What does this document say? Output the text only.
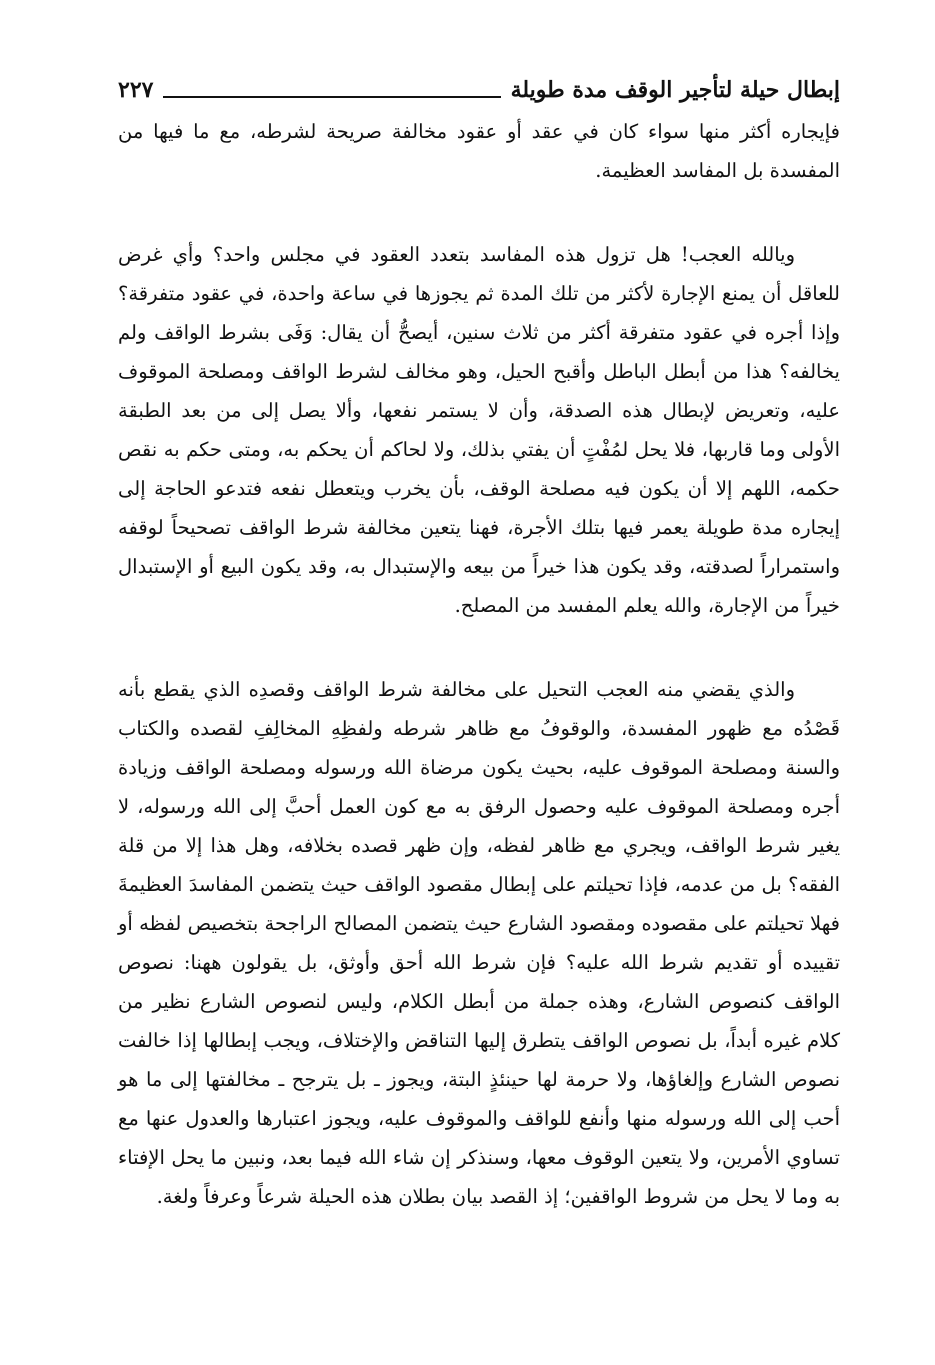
إبطال حيلة لتأجير الوقف مدة طويلة
٢٢٧

فإيجاره أكثر منها سواء كان في عقد أو عقود مخالفة صريحة لشرطه، مع ما فيها من المفسدة بل المفاسد العظيمة.

ويالله العجب! هل تزول هذه المفاسد بتعدد العقود في مجلس واحد؟ وأي غرض للعاقل أن يمنع الإجارة لأكثر من تلك المدة ثم يجوزها في ساعة واحدة، في عقود متفرقة؟ وإذا أجره في عقود متفرقة أكثر من ثلاث سنين، أيصحُّ أن يقال: وَفَى بشرط الواقف ولم يخالفه؟ هذا من أبطل الباطل وأقبح الحيل، وهو مخالف لشرط الواقف ومصلحة الموقوف عليه، وتعريض لإبطال هذه الصدقة، وأن لا يستمر نفعها، وألا يصل إلى من بعد الطبقة الأولى وما قاربها، فلا يحل لمُفْتٍ أن يفتي بذلك، ولا لحاكم أن يحكم به، ومتى حكم به نقص حكمه، اللهم إلا أن يكون فيه مصلحة الوقف، بأن يخرب ويتعطل نفعه فتدعو الحاجة إلى إيجاره مدة طويلة يعمر فيها بتلك الأجرة، فهنا يتعين مخالفة شرط الواقف تصحيحاً لوقفه واستمراراً لصدقته، وقد يكون هذا خيراً من بيعه والإستبدال به، وقد يكون البيع أو الإستبدال خيراً من الإجارة، والله يعلم المفسد من المصلح.

والذي يقضي منه العجب التحيل على مخالفة شرط الواقف وقصدِه الذي يقطع بأنه قَصْدُه مع ظهور المفسدة، والوقوفُ مع ظاهر شرطه ولفظِهِ المخالِفِ لقصده والكتاب والسنة ومصلحة الموقوف عليه، بحيث يكون مرضاة الله ورسوله ومصلحة الواقف وزيادة أجره ومصلحة الموقوف عليه وحصول الرفق به مع كون العمل أحبَّ إلى الله ورسوله، لا يغير شرط الواقف، ويجري مع ظاهر لفظه، وإن ظهر قصده بخلافه، وهل هذا إلا من قلة الفقه؟ بل من عدمه، فإذا تحيلتم على إبطال مقصود الواقف حيث يتضمن المفاسدَ العظيمةَ فهلا تحيلتم على مقصوده ومقصود الشارع حيث يتضمن المصالح الراجحة بتخصيص لفظه أو تقييده أو تقديم شرط الله عليه؟ فإن شرط الله أحق وأوثق، بل يقولون ههنا: نصوص الواقف كنصوص الشارع، وهذه جملة من أبطل الكلام، وليس لنصوص الشارع نظير من كلام غيره أبداً، بل نصوص الواقف يتطرق إليها التناقض والإختلاف، ويجب إبطالها إذا خالفت نصوص الشارع وإلغاؤها، ولا حرمة لها حينئذٍ البتة، ويجوز ـ بل يترجح ـ مخالفتها إلى ما هو أحب إلى الله ورسوله منها وأنفع للواقف والموقوف عليه، ويجوز اعتبارها والعدول عنها مع تساوي الأمرين، ولا يتعين الوقوف معها، وسنذكر إن شاء الله فيما بعد، ونبين ما يحل الإفتاء به وما لا يحل من شروط الواقفين؛ إذ القصد بيان بطلان هذه الحيلة شرعاً وعرفاً ولغة.
